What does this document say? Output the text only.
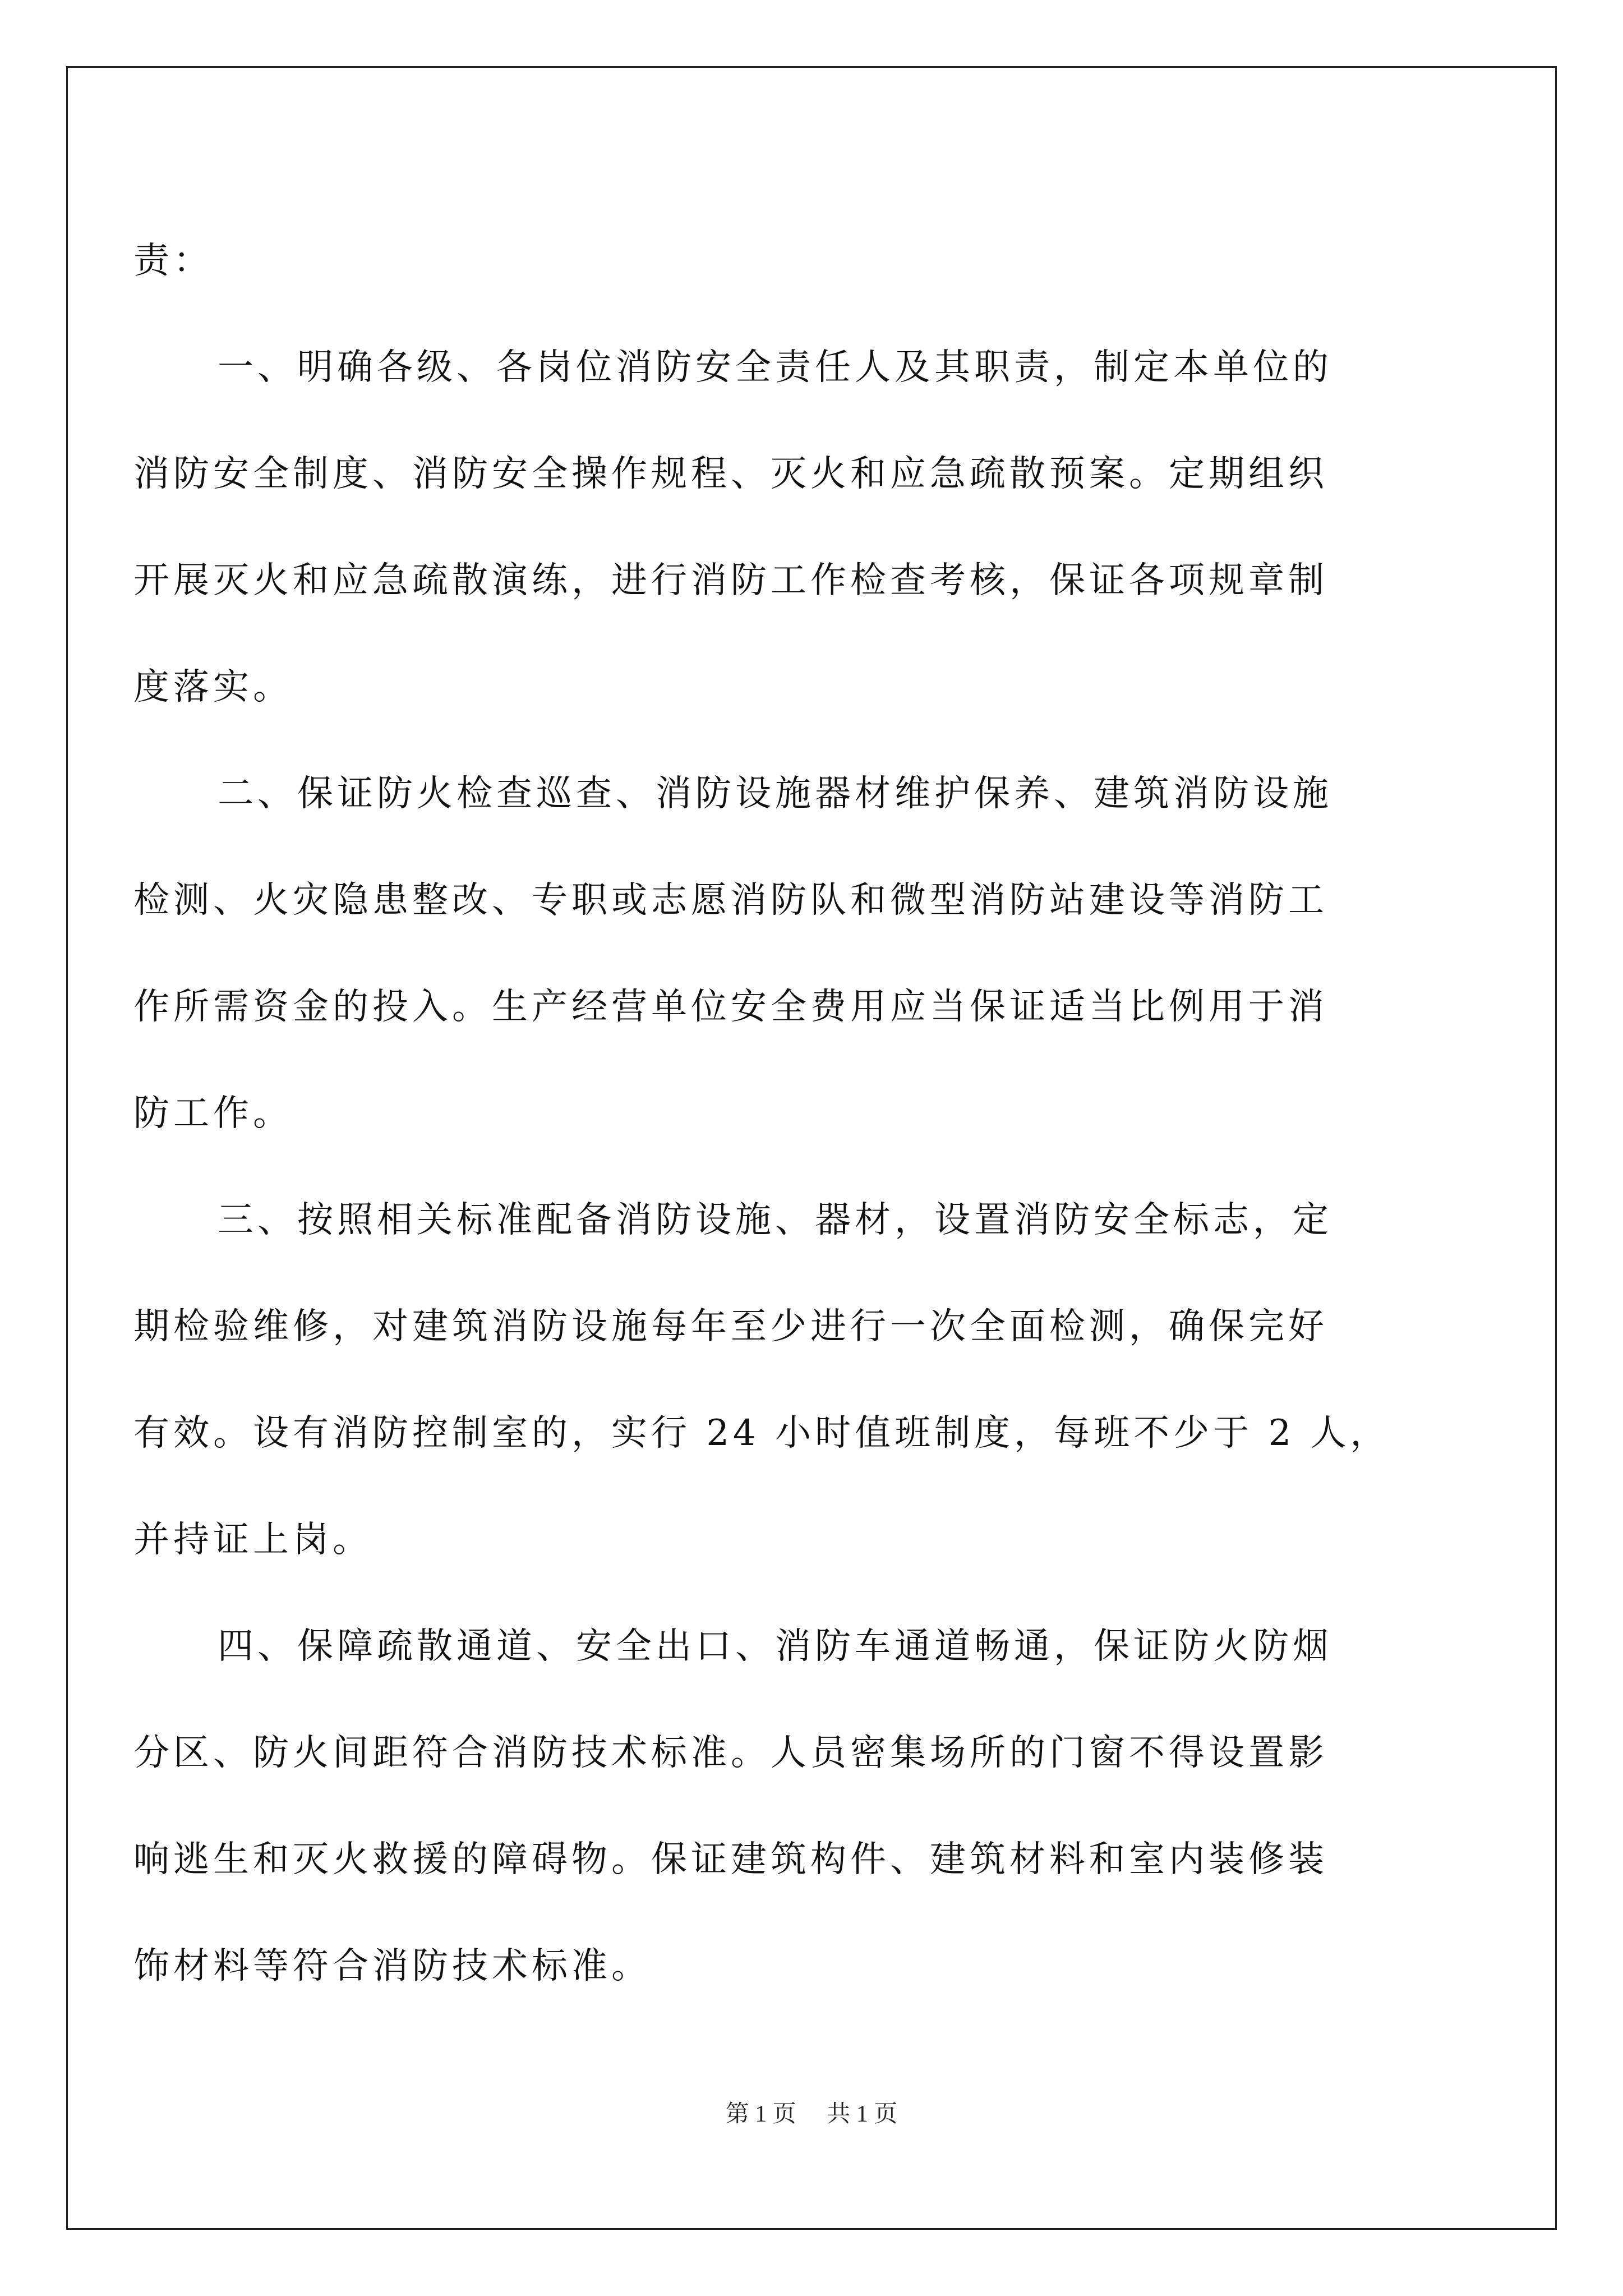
责：
一、明确各级、各岗位消防安全责任人及其职责，制定本单位的
消防安全制度、消防安全操作规程、灭火和应急疏散预案。定期组织
开展灭火和应急疏散演练，进行消防工作检查考核，保证各项规章制
度落实。
二、保证防火检查巡查、消防设施器材维护保养、建筑消防设施
检测、火灾隐患整改、专职或志愿消防队和微型消防站建设等消防工
作所需资金的投入。生产经营单位安全费用应当保证适当比例用于消
防工作。
三、按照相关标准配备消防设施、器材，设置消防安全标志，定
期检验维修，对建筑消防设施每年至少进行一次全面检测，确保完好
有效。设有消防控制室的，实行 24 小时值班制度，每班不少于 2 人，
并持证上岗。
四、保障疏散通道、安全出口、消防车通道畅通，保证防火防烟
分区、防火间距符合消防技术标准。人员密集场所的门窗不得设置影
响逃生和灭火救援的障碍物。保证建筑构件、建筑材料和室内装修装
饰材料等符合消防技术标准。
第 1 页 共 1 页
